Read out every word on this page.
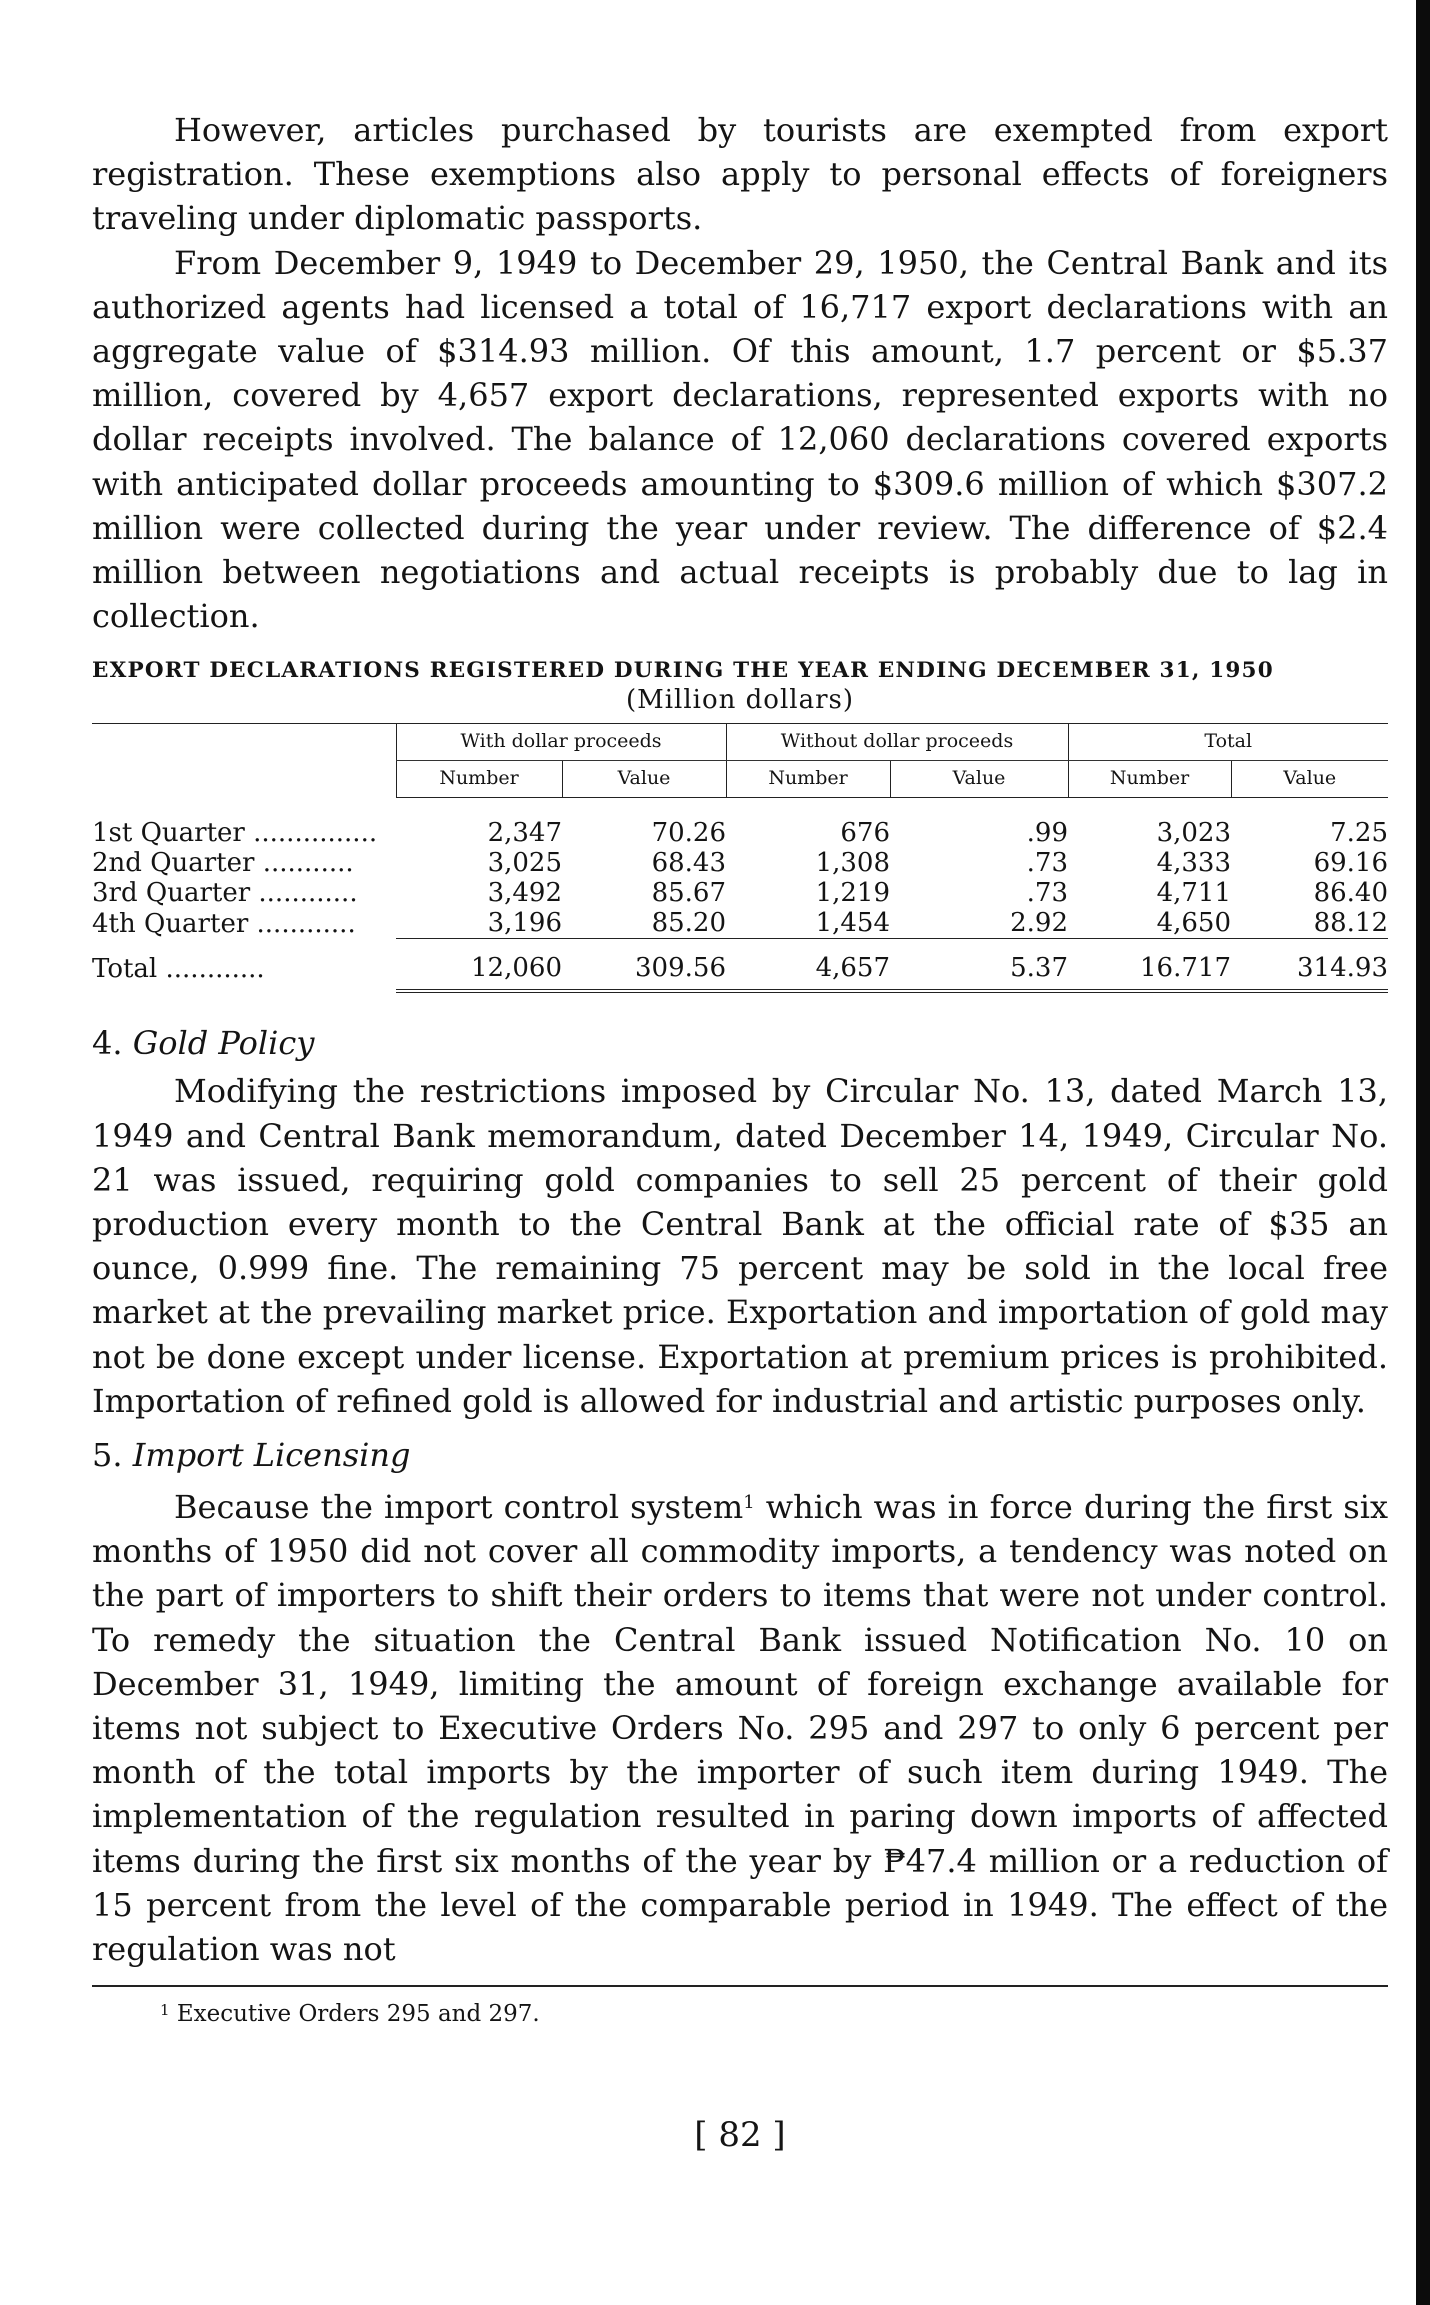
However, articles purchased by tourists are exempted from export registration. These exemptions also apply to personal effects of foreigners traveling under diplomatic passports.

From December 9, 1949 to December 29, 1950, the Central Bank and its authorized agents had licensed a total of 16,717 export declarations with an aggregate value of $314.93 million. Of this amount, 1.7 percent or $5.37 million, covered by 4,657 export declarations, represented exports with no dollar receipts involved. The balance of 12,060 declarations covered exports with anticipated dollar proceeds amounting to $309.6 million of which $307.2 million were collected during the year under review. The difference of $2.4 million between negotiations and actual receipts is probably due to lag in collection.

EXPORT DECLARATIONS REGISTERED DURING THE YEAR ENDING DECEMBER 31, 1950
(Million dollars)
	With dollar proceeds		Without dollar proceeds		Total	
	Number	Value	Number	Value	Number	Value
1st Quarter ...............	2,347	70.26	676	.99	3,023	7.25
2nd Quarter ...........	3,025	68.43	1,308	.73	4,333	69.16
3rd Quarter ............	3,492	85.67	1,219	.73	4,711	86.40
4th Quarter ............	3,196	85.20	1,454	2.92	4,650	88.12
Total ............	12,060	309.56	4,657	5.37	16.717	314.93
4. Gold Policy

Modifying the restrictions imposed by Circular No. 13, dated March 13, 1949 and Central Bank memorandum, dated December 14, 1949, Circular No. 21 was issued, requiring gold companies to sell 25 percent of their gold production every month to the Central Bank at the official rate of $35 an ounce, 0.999 fine. The remaining 75 percent may be sold in the local free market at the prevailing market price. Exportation and importation of gold may not be done except under license. Exportation at premium prices is prohibited. Importation of refined gold is allowed for industrial and artistic purposes only.

5. Import Licensing

Because the import control system$^1$ which was in force during the first six months of 1950 did not cover all commodity imports, a tendency was noted on the part of importers to shift their orders to items that were not under control. To remedy the situation the Central Bank issued Notification No. 10 on December 31, 1949, limiting the amount of foreign exchange available for items not subject to Executive Orders No. 295 and 297 to only 6 percent per month of the total imports by the importer of such item during 1949. The implementation of the regulation resulted in paring down imports of affected items during the first six months of the year by ₱47.4 million or a reduction of 15 percent from the level of the comparable period in 1949. The effect of the regulation was not

$^1$ Executive Orders 295 and 297.
[ 82 ]
